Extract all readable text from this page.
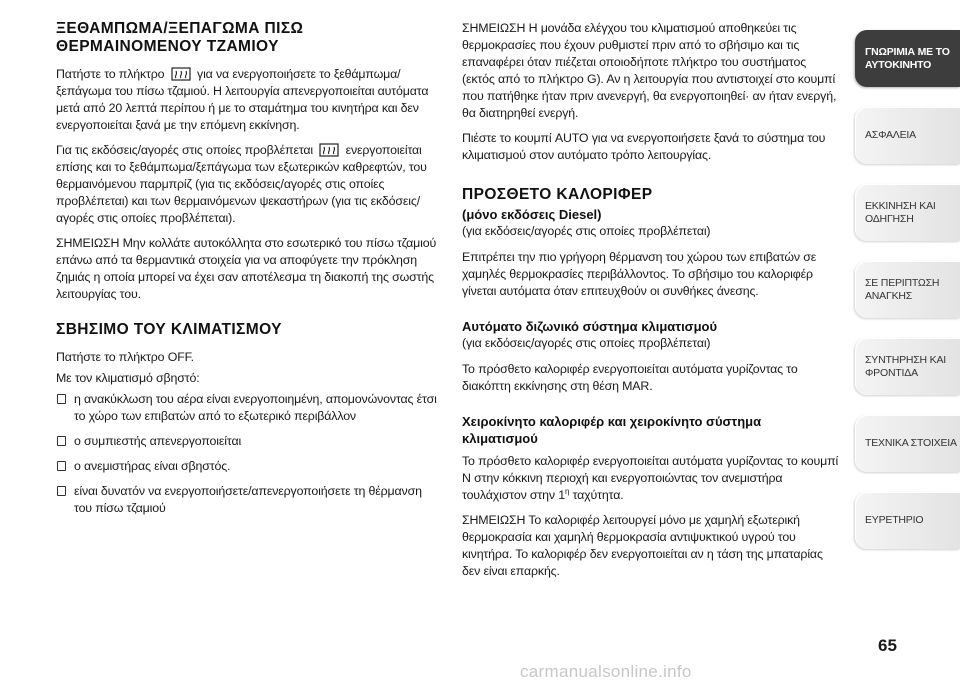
ΞΕΘΑΜΠΩΜΑ/ΞΕΠΑΓΩΜΑ ΠΙΣΩ
ΘΕΡΜΑΙΝΟΜΕΝΟΥ ΤΖΑΜΙΟΥ

Πατήστε το πλήκτρο	για να ενεργοποιήσετε το ξεθάμπωμα/ ξεπάγωμα του πίσω τζαμιού. Η λειτουργία απενεργοποιείται αυτόματα μετά από 20 λεπτά περίπου ή με το σταμάτημα του κινητήρα και δεν ενεργοποιείται ξανά με την επόμενη εκκίνηση.

Για τις εκδόσεις/αγορές στις οποίες προβλέπεται	ενεργοποιείται επίσης και το ξεθάμπωμα/ξεπάγωμα των εξωτερικών καθρεφτών, του θερμαινόμενου παρμπρίζ (για τις εκδόσεις/αγορές στις οποίες προβλέπεται) και των θερμαινόμενων ψεκαστήρων (για τις εκδόσεις/αγορές στις οποίες προβλέπεται).

ΣΗΜΕΙΩΣΗ Μην κολλάτε αυτοκόλλητα στο εσωτερικό του πίσω τζαμιού επάνω από τα θερμαντικά στοιχεία για να αποφύγετε την πρόκληση ζημιάς η οποία μπορεί να έχει σαν αποτέλεσμα τη διακοπή της σωστής λειτουργίας του.

ΣΒΗΣΙΜΟ ΤΟΥ ΚΛΙΜΑΤΙΣΜΟΥ

Πατήστε το πλήκτρο OFF.

Με τον κλιματισμό σβηστό:

η ανακύκλωση του αέρα είναι ενεργοποιημένη, απομονώνοντας έτσι το χώρο των επιβατών από το εξωτερικό περιβάλλον
ο συμπιεστής απενεργοποιείται
ο ανεμιστήρας είναι σβηστός.
είναι δυνατόν να ενεργοποιήσετε/απενεργοποιήσετε τη θέρμανση του πίσω τζαμιού

ΣΗΜΕΙΩΣΗ Η μονάδα ελέγχου του κλιματισμού αποθηκεύει τις θερμοκρασίες που έχουν ρυθμιστεί πριν από το σβήσιμο και τις επαναφέρει όταν πιέζεται οποιοδήποτε πλήκτρο του συστήματος (εκτός από το πλήκτρο G). Αν η λειτουργία που αντιστοιχεί στο κουμπί που πατήθηκε ήταν πριν ανενεργή, θα ενεργοποιηθεί· αν ήταν ενεργή, θα διατηρηθεί ενεργή.

Πιέστε το κουμπί AUTO για να ενεργοποιήσετε ξανά το σύστημα του κλιματισμού στον αυτόματο τρόπο λειτουργίας.

ΠΡΟΣΘΕΤΟ ΚΑΛΟΡΙΦΕΡ
(μόνο εκδόσεις Diesel)

(για εκδόσεις/αγορές στις οποίες προβλέπεται)

Επιτρέπει την πιο γρήγορη θέρμανση του χώρου των επιβατών σε χαμηλές θερμοκρασίες περιβάλλοντος. Το σβήσιμο του καλοριφέρ γίνεται αυτόματα όταν επιτευχθούν οι συνθήκες άνεσης.

Αυτόματο διζωνικό σύστημα κλιματισμού

(για εκδόσεις/αγορές στις οποίες προβλέπεται)

Το πρόσθετο καλοριφέρ ενεργοποιείται αυτόματα γυρίζοντας το διακόπτη εκκίνησης στη θέση MAR.

Χειροκίνητο καλοριφέρ και χειροκίνητο σύστημα κλιματισμού

Το πρόσθετο καλοριφέρ ενεργοποιείται αυτόματα γυρίζοντας το κουμπί N στην κόκκινη περιοχή και ενεργοποιώντας τον ανεμιστήρα τουλάχιστον στην $1^\eta$ ταχύτητα.

ΣΗΜΕΙΩΣΗ Το καλοριφέρ λειτουργεί μόνο με χαμηλή εξωτερική θερμοκρασία και χαμηλή θερμοκρασία αντιψυκτικού υγρού του κινητήρα. Το καλοριφέρ δεν ενεργοποιείται αν η τάση της μπαταρίας δεν είναι επαρκής.

ΓΝΩΡΙΜΙΑ ΜΕ ΤΟ
ΑΥΤΟΚΙΝΗΤΟ
ΑΣΦΑΛΕΙΑ
ΕΚΚΙΝΗΣΗ ΚΑΙ
ΟΔΗΓΗΣΗ
ΣΕ ΠΕΡΙΠΤΩΣΗ
ΑΝΑΓΚΗΣ
ΣΥΝΤΗΡΗΣΗ ΚΑΙ
ΦΡΟΝΤΙΔΑ
ΤΕΧΝΙΚΑ ΣΤΟΙΧΕΙΑ
ΕΥΡΕΤΗΡΙΟ
65
carmanualsonline.info
